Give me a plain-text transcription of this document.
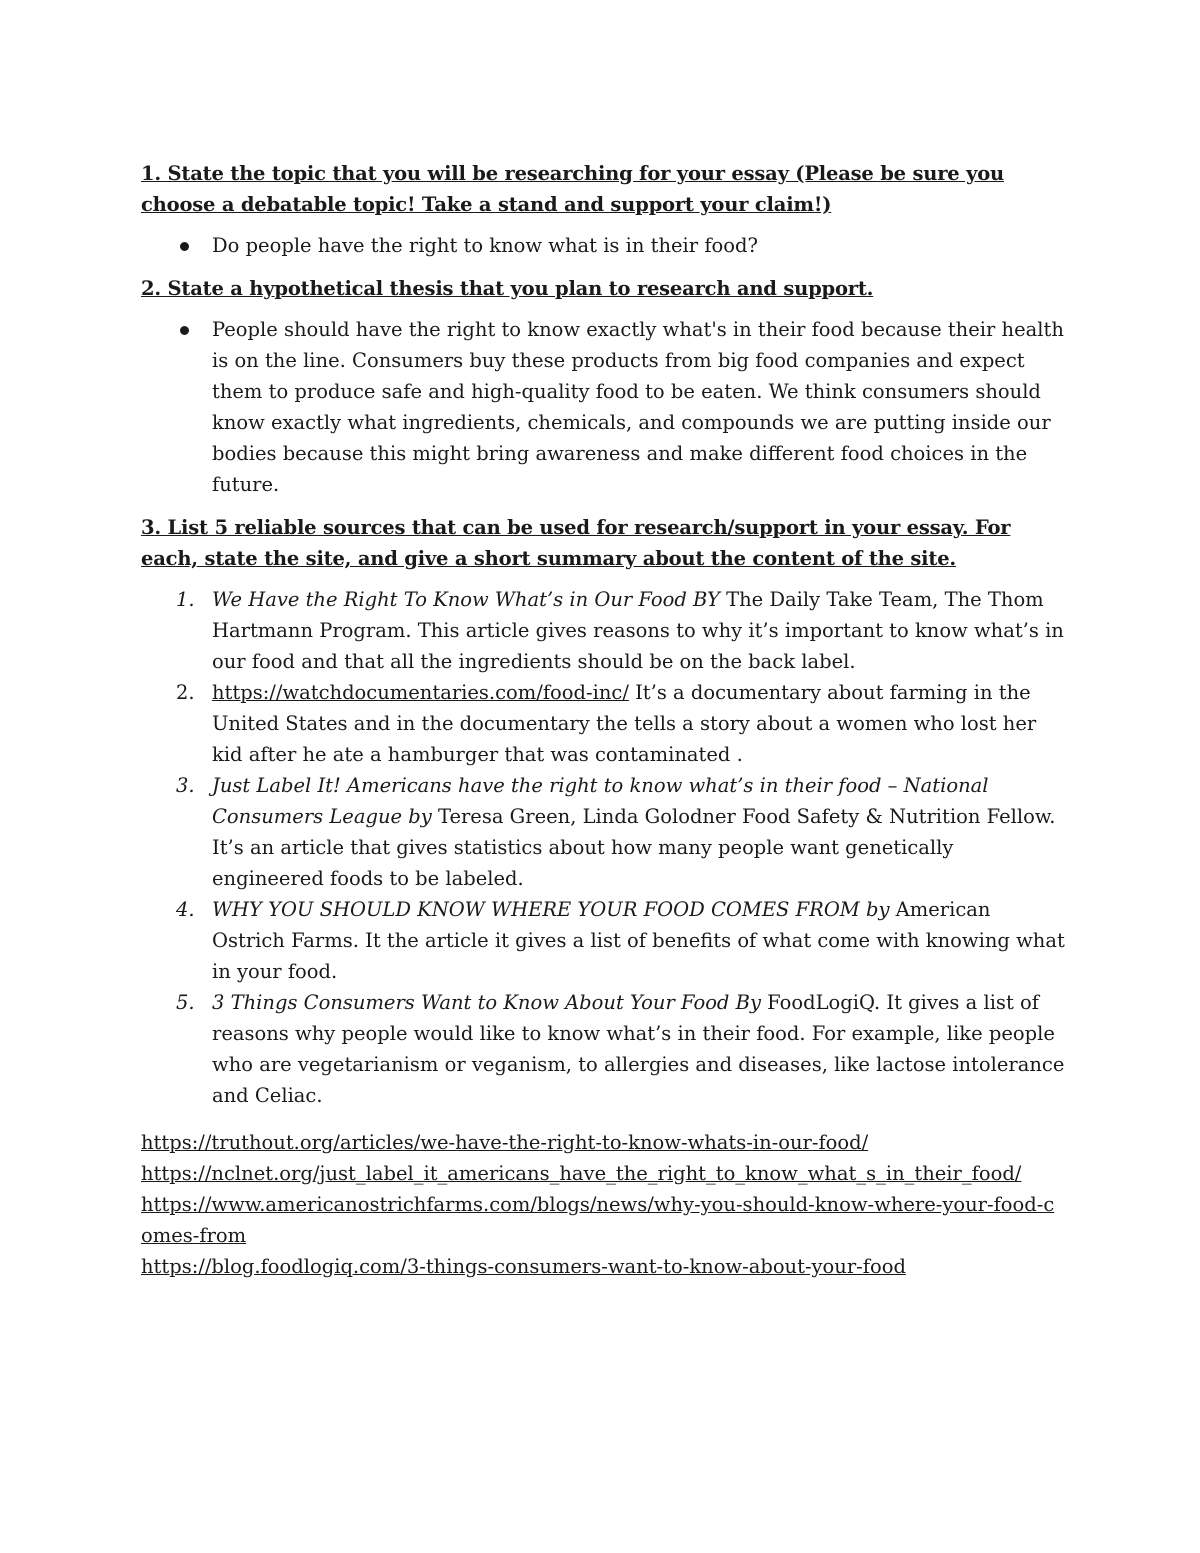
1. State the topic that you will be researching for your essay (Please be sure you choose a debatable topic! Take a stand and support your claim!)

Do people have the right to know what is in their food?

2. State a hypothetical thesis that you plan to research and support.

People should have the right to know exactly what's in their food because their health is on the line. Consumers buy these products from big food companies and expect them to produce safe and high-quality food to be eaten. We think consumers should know exactly what ingredients, chemicals, and compounds we are putting inside our bodies because this might bring awareness and make different food choices in the future.

3. List 5 reliable sources that can be used for research/support in your essay. For each, state the site, and give a short summary about the content of the site.

1. We Have the Right To Know What’s in Our Food BY The Daily Take Team, The Thom Hartmann Program. This article gives reasons to why it’s important to know what’s in our food and that all the ingredients should be on the back label.
2. https://watchdocumentaries.com/food-inc/ It’s a documentary about farming in the United States and in the documentary the tells a story about a women who lost her kid after he ate a hamburger that was contaminated .
3. Just Label It! Americans have the right to know what’s in their food – National Consumers League by Teresa Green, Linda Golodner Food Safety & Nutrition Fellow. It’s an article that gives statistics about how many people want genetically engineered foods to be labeled.
4. WHY YOU SHOULD KNOW WHERE YOUR FOOD COMES FROM by American Ostrich Farms. It the article it gives a list of benefits of what come with knowing what in your food.
5. 3 Things Consumers Want to Know About Your Food By FoodLogiQ. It gives a list of reasons why people would like to know what’s in their food. For example, like people who are vegetarianism or veganism, to allergies and diseases, like lactose intolerance and Celiac.
https://truthout.org/articles/we-have-the-right-to-know-whats-in-our-food/
https://nclnet.org/just_label_it_americans_have_the_right_to_know_what_s_in_their_food/
https://www.americanostrichfarms.com/blogs/news/why-you-should-know-where-your-food-comes-from
https://blog.foodlogiq.com/3-things-consumers-want-to-know-about-your-food
